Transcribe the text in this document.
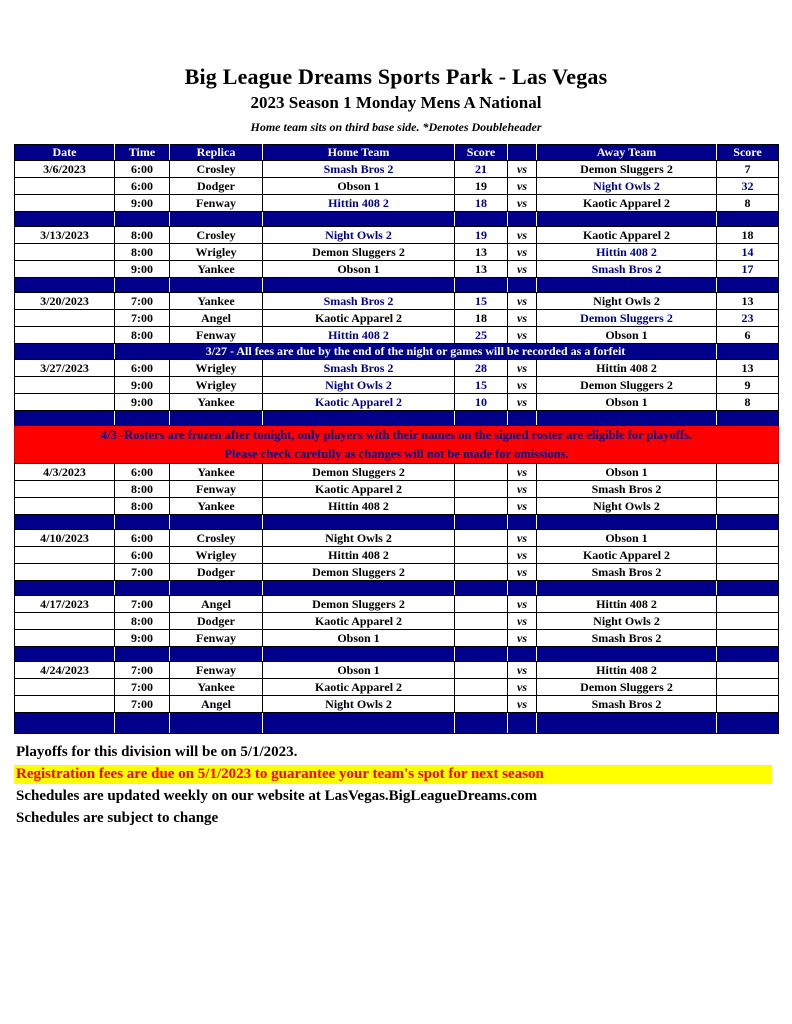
Big League Dreams Sports Park - Las Vegas
2023 Season 1 Monday Mens A National
Home team sits on third base side. *Denotes Doubleheader
Date	Time	Replica	Home Team	Score		Away Team	Score
3/6/2023	6:00	Crosley	Smash Bros 2	21	vs	Demon Sluggers 2	7
	6:00	Dodger	Obson 1	19	vs	Night Owls 2	32
	9:00	Fenway	Hittin 408 2	18	vs	Kaotic Apparel 2	8

3/13/2023	8:00	Crosley	Night Owls 2	19	vs	Kaotic Apparel 2	18
	8:00	Wrigley	Demon Sluggers 2	13	vs	Hittin 408 2	14
	9:00	Yankee	Obson 1	13	vs	Smash Bros 2	17

3/20/2023	7:00	Yankee	Smash Bros 2	15	vs	Night Owls 2	13
	7:00	Angel	Kaotic Apparel 2	18	vs	Demon Sluggers 2	23
	8:00	Fenway	Hittin 408 2	25	vs	Obson 1	6
	3/27 - All fees are due by the end of the night or games will be recorded as a forfeit						
3/27/2023	6:00	Wrigley	Smash Bros 2	28	vs	Hittin 408 2	13
	9:00	Wrigley	Night Owls 2	15	vs	Demon Sluggers 2	9
	9:00	Yankee	Kaotic Apparel 2	10	vs	Obson 1	8

4/3 -Rosters are frozen after tonight, only players with their names on the signed roster are eligible for playoffs.
Please check carefully as changes will not be made for omissions.							

4/3/2023	6:00	Yankee	Demon Sluggers 2		vs	Obson 1	
	8:00	Fenway	Kaotic Apparel 2		vs	Smash Bros 2	
	8:00	Yankee	Hittin 408 2		vs	Night Owls 2	

4/10/2023	6:00	Crosley	Night Owls 2		vs	Obson 1	
	6:00	Wrigley	Hittin 408 2		vs	Kaotic Apparel 2	
	7:00	Dodger	Demon Sluggers 2		vs	Smash Bros 2	

4/17/2023	7:00	Angel	Demon Sluggers 2		vs	Hittin 408 2	
	8:00	Dodger	Kaotic Apparel 2		vs	Night Owls 2	
	9:00	Fenway	Obson 1		vs	Smash Bros 2	

4/24/2023	7:00	Fenway	Obson 1		vs	Hittin 408 2	
	7:00	Yankee	Kaotic Apparel 2		vs	Demon Sluggers 2	
	7:00	Angel	Night Owls 2		vs	Smash Bros 2	

Playoffs for this division will be on 5/1/2023.
Registration fees are due on 5/1/2023 to guarantee your team's spot for next season
Schedules are updated weekly on our website at LasVegas.BigLeagueDreams.com
Schedules are subject to change
